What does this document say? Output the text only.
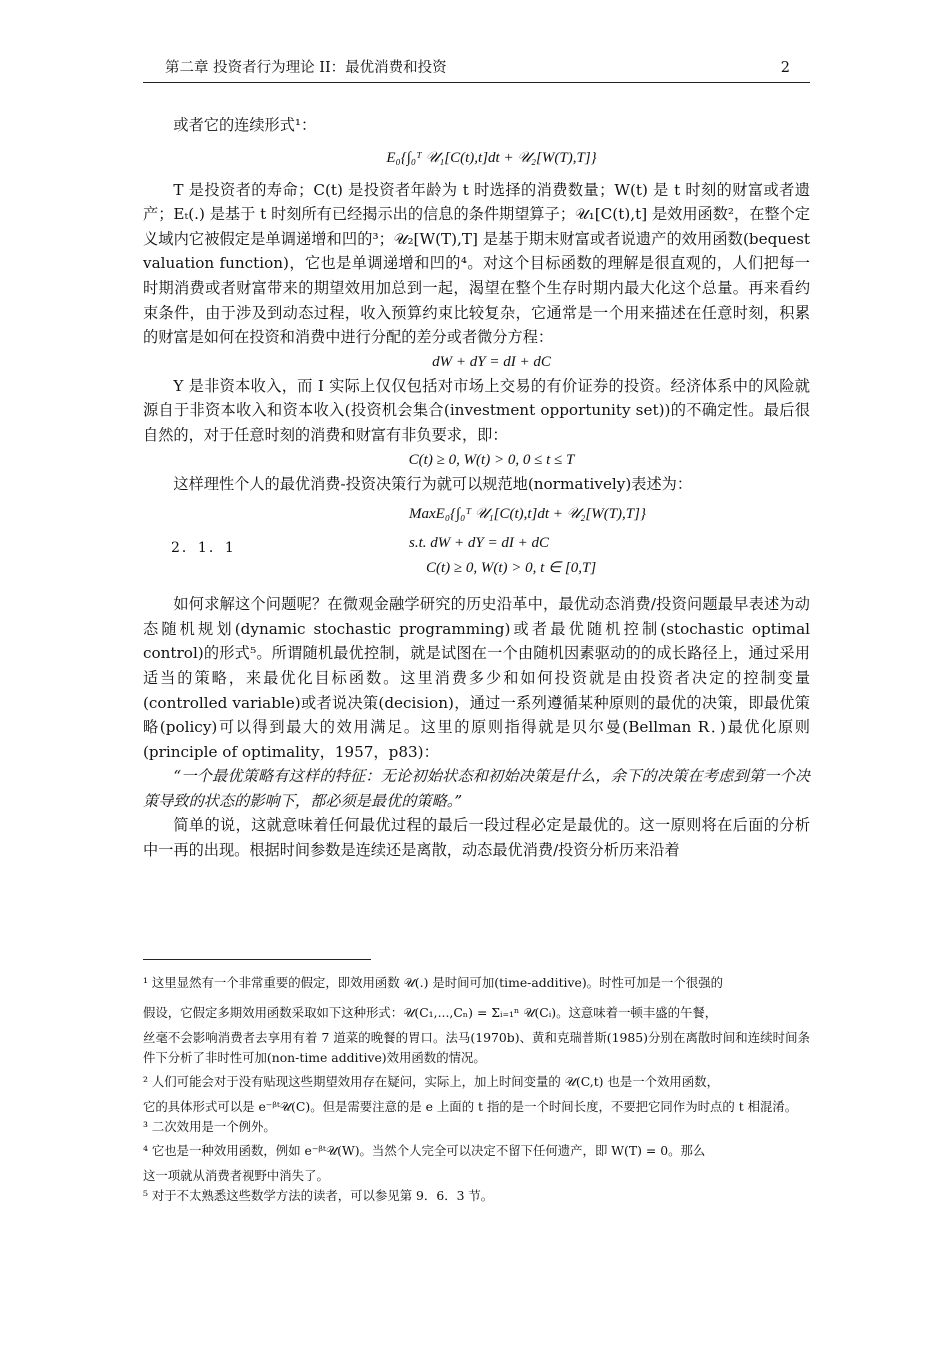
第二章 投资者行为理论 II：最优消费和投资	2

或者它的连续形式¹：

E₀{∫₀ᵀ 𝒰₁[C(t),t]dt + 𝒰₂[W(T),T]}

T 是投资者的寿命；C(t) 是投资者年龄为 t 时选择的消费数量；W(t) 是 t 时刻的财富或者遗产；Eₜ(.) 是基于 t 时刻所有已经揭示出的信息的条件期望算子；𝒰₁[C(t),t] 是效用函数²，在整个定义域内它被假定是单调递增和凹的³；𝒰₂[W(T),T] 是基于期末财富或者说遗产的效用函数(bequest valuation function)，它也是单调递增和凹的⁴。对这个目标函数的理解是很直观的，人们把每一时期消费或者财富带来的期望效用加总到一起，渴望在整个生存时期内最大化这个总量。再来看约束条件，由于涉及到动态过程，收入预算约束比较复杂，它通常是一个用来描述在任意时刻，积累的财富是如何在投资和消费中进行分配的差分或者微分方程：

dW + dY = dI + dC

Y 是非资本收入，而 I 实际上仅仅包括对市场上交易的有价证券的投资。经济体系中的风险就源自于非资本收入和资本收入(投资机会集合(investment opportunity set))的不确定性。最后很自然的，对于任意时刻的消费和财富有非负要求，即：

C(t) ≥ 0, W(t) > 0, 0 ≤ t ≤ T

这样理性个人的最优消费-投资决策行为就可以规范地(normatively)表述为：

2．1．1
MaxE₀{∫₀ᵀ 𝒰₁[C(t),t]dt + 𝒰₂[W(T),T]}
s.t. dW + dY = dI + dC
C(t) ≥ 0, W(t) > 0, t ∈ [0,T]

如何求解这个问题呢？在微观金融学研究的历史沿革中，最优动态消费/投资问题最早表述为动态随机规划(dynamic stochastic programming)或者最优随机控制(stochastic optimal control)的形式⁵。所谓随机最优控制，就是试图在一个由随机因素驱动的的成长路径上，通过采用适当的策略，来最优化目标函数。这里消费多少和如何投资就是由投资者决定的控制变量(controlled variable)或者说决策(decision)，通过一系列遵循某种原则的最优的决策，即最优策略(policy)可以得到最大的效用满足。这里的原则指得就是贝尔曼(Bellman R．)最优化原则(principle of optimality，1957，p83)：

“一个最优策略有这样的特征：无论初始状态和初始决策是什么，余下的决策在考虑到第一个决策导致的状态的影响下，都必须是最优的策略。”

简单的说，这就意味着任何最优过程的最后一段过程必定是最优的。这一原则将在后面的分析中一再的出现。根据时间参数是连续还是离散，动态最优消费/投资分析历来沿着

¹ 这里显然有一个非常重要的假定，即效用函数 𝒰(.) 是时间可加(time-additive)。时性可加是一个很强的

假设，它假定多期效用函数采取如下这种形式：𝒰(C₁,...,Cₙ) = Σᵢ₌₁ⁿ 𝒰(Cᵢ)。这意味着一顿丰盛的午餐，

丝毫不会影响消费者去享用有着 7 道菜的晚餐的胃口。法马(1970b)、黄和克瑞普斯(1985)分别在离散时间和连续时间条件下分析了非时性可加(non-time additive)效用函数的情况。

² 人们可能会对于没有贴现这些期望效用存在疑问，实际上，加上时间变量的 𝒰(C,t) 也是一个效用函数，

它的具体形式可以是 e⁻ᵝᵗ𝒰(C)。但是需要注意的是 e 上面的 t 指的是一个时间长度，不要把它同作为时点的 t 相混淆。

³ 二次效用是一个例外。

⁴ 它也是一种效用函数，例如 e⁻ᵝᵗ𝒰(W)。当然个人完全可以决定不留下任何遗产，即 W(T) = 0。那么

这一项就从消费者视野中消失了。

⁵ 对于不太熟悉这些数学方法的读者，可以参见第 9．6．3 节。
